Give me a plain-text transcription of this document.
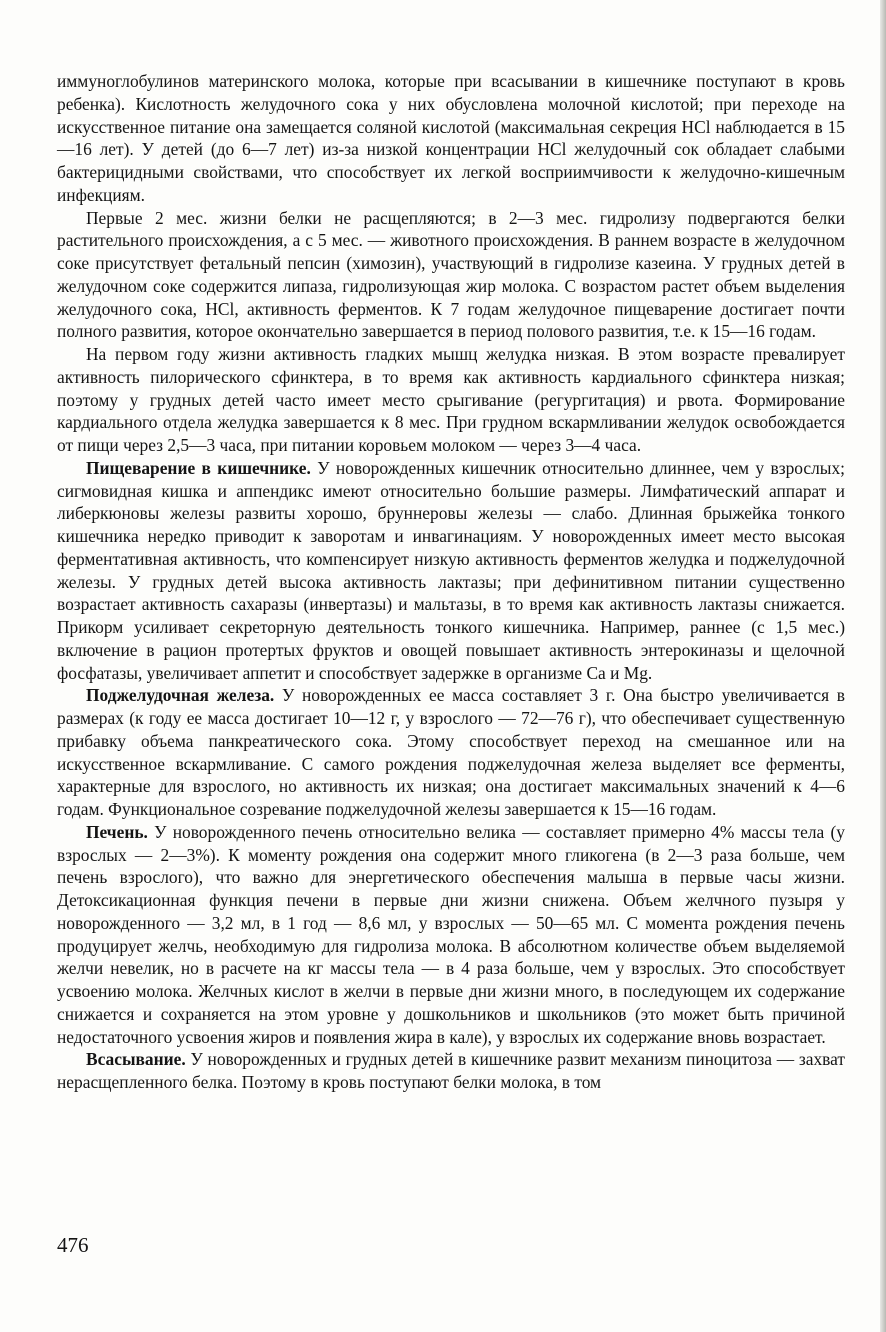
иммуноглобулинов материнского молока, которые при всасывании в кишечнике поступают в кровь ребенка). Кислотность желудочного сока у них обусловлена молочной кислотой; при переходе на искусственное питание она замещается соляной кислотой (максимальная секреция HCl наблюдается в 15—16 лет). У детей (до 6—7 лет) из-за низкой концентрации HCl желудочный сок обладает слабыми бактерицидными свойствами, что способствует их легкой восприимчивости к желудочно-кишечным инфекциям.

Первые 2 мес. жизни белки не расщепляются; в 2—3 мес. гидролизу подвергаются белки растительного происхождения, а с 5 мес. — животного происхождения. В раннем возрасте в желудочном соке присутствует фетальный пепсин (химозин), участвующий в гидролизе казеина. У грудных детей в желудочном соке содержится липаза, гидролизующая жир молока. С возрастом растет объем выделения желудочного сока, HCl, активность ферментов. К 7 годам желудочное пищеварение достигает почти полного развития, которое окончательно завершается в период полового развития, т.е. к 15—16 годам.

На первом году жизни активность гладких мышц желудка низкая. В этом возрасте превалирует активность пилорического сфинктера, в то время как активность кардиального сфинктера низкая; поэтому у грудных детей часто имеет место срыгивание (регургитация) и рвота. Формирование кардиального отдела желудка завершается к 8 мес. При грудном вскармливании желудок освобождается от пищи через 2,5—3 часа, при питании коровьем молоком — через 3—4 часа.

Пищеварение в кишечнике. У новорожденных кишечник относительно длиннее, чем у взрослых; сигмовидная кишка и аппендикс имеют относительно большие размеры. Лимфатический аппарат и либеркюновы железы развиты хорошо, бруннеровы железы — слабо. Длинная брыжейка тонкого кишечника нередко приводит к заворотам и инвагинациям. У новорожденных имеет место высокая ферментативная активность, что компенсирует низкую активность ферментов желудка и поджелудочной железы. У грудных детей высока активность лактазы; при дефинитивном питании существенно возрастает активность сахаразы (инвертазы) и мальтазы, в то время как активность лактазы снижается. Прикорм усиливает секреторную деятельность тонкого кишечника. Например, раннее (с 1,5 мес.) включение в рацион протертых фруктов и овощей повышает активность энтерокиназы и щелочной фосфатазы, увеличивает аппетит и способствует задержке в организме Ca и Mg.

Поджелудочная железа. У новорожденных ее масса составляет 3 г. Она быстро увеличивается в размерах (к году ее масса достигает 10—12 г, у взрослого — 72—76 г), что обеспечивает существенную прибавку объема панкреатического сока. Этому способствует переход на смешанное или на искусственное вскармливание. С самого рождения поджелудочная железа выделяет все ферменты, характерные для взрослого, но активность их низкая; она достигает максимальных значений к 4—6 годам. Функциональное созревание поджелудочной железы завершается к 15—16 годам.

Печень. У новорожденного печень относительно велика — составляет примерно 4% массы тела (у взрослых — 2—3%). К моменту рождения она содержит много гликогена (в 2—3 раза больше, чем печень взрослого), что важно для энергетического обеспечения малыша в первые часы жизни. Детоксикационная функция печени в первые дни жизни снижена. Объем желчного пузыря у новорожденного — 3,2 мл, в 1 год — 8,6 мл, у взрослых — 50—65 мл. С момента рождения печень продуцирует желчь, необходимую для гидролиза молока. В абсолютном количестве объем выделяемой желчи невелик, но в расчете на кг массы тела — в 4 раза больше, чем у взрослых. Это способствует усвоению молока. Желчных кислот в желчи в первые дни жизни много, в последующем их содержание снижается и сохраняется на этом уровне у дошкольников и школьников (это может быть причиной недостаточного усвоения жиров и появления жира в кале), у взрослых их содержание вновь возрастает.

Всасывание. У новорожденных и грудных детей в кишечнике развит механизм пиноцитоза — захват нерасщепленного белка. Поэтому в кровь поступают белки молока, в том

476
